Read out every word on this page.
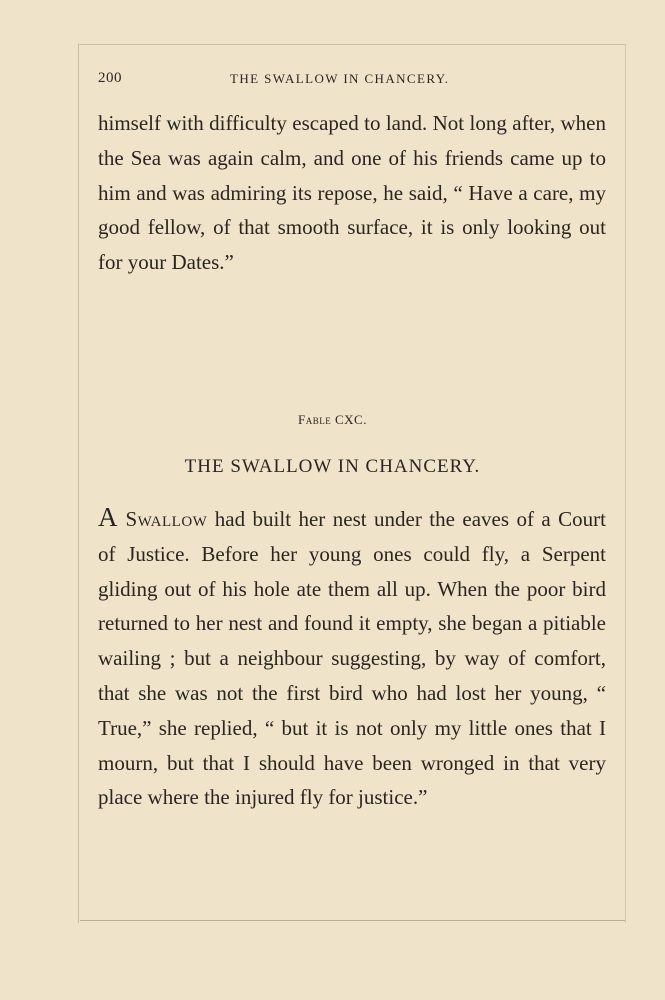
200	THE SWALLOW IN CHANCERY.

himself with difficulty escaped to land. Not long after, when the Sea was again calm, and one of his friends came up to him and was admiring its repose, he said, “ Have a care, my good fellow, of that smooth surface, it is only looking out for your Dates.”

Fable CXC.
THE SWALLOW IN CHANCERY.

A Swallow had built her nest under the eaves of a Court of Justice. Before her young ones could fly, a Serpent gliding out of his hole ate them all up. When the poor bird returned to her nest and found it empty, she began a pitiable wailing ; but a neighbour suggesting, by way of comfort, that she was not the first bird who had lost her young, “ True,” she replied, “ but it is not only my little ones that I mourn, but that I should have been wronged in that very place where the injured fly for justice.”
